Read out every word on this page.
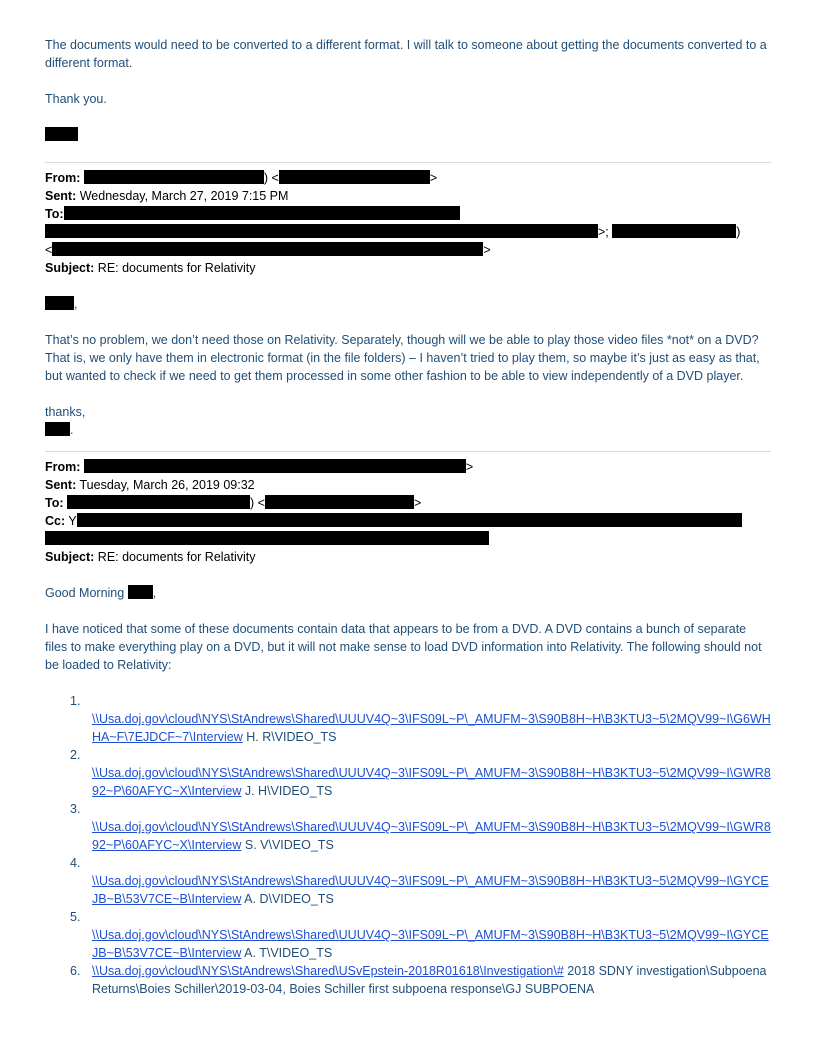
The documents would need to be converted to a different format. I will talk to someone about getting the documents converted to a different format.

Thank you.

From:	) <	>
Sent: Wednesday, March 27, 2019 7:15 PM
To:
>;	)
<	>
Subject: RE: documents for Relativity

,

That’s no problem, we don’t need those on Relativity. Separately, though will we be able to play those video files *not* on a DVD? That is, we only have them in electronic format (in the file folders) – I haven’t tried to play them, so maybe it’s just as easy as that, but wanted to check if we need to get them processed in some other fashion to be able to view independently of a DVD player.

thanks,

.

From:	>
Sent: Tuesday, March 26, 2019 09:32
To:	) <	>
Cc: Y
Subject: RE: documents for Relativity

Good Morning ,

I have noticed that some of these documents contain data that appears to be from a DVD. A DVD contains a bunch of separate files to make everything play on a DVD, but it will not make sense to load DVD information into Relativity. The following should not be loaded to Relativity:

1.

\\Usa.doj.gov\cloud\NYS\StAndrews\Shared\UUUV4Q~3\IFS09L~P\_AMUFM~3\S90B8H~H\B3KTU3~5\2MQV99~I\G6WHHA~F\7EJDCF~7\Interview H. R\VIDEO_TS
2.

\\Usa.doj.gov\cloud\NYS\StAndrews\Shared\UUUV4Q~3\IFS09L~P\_AMUFM~3\S90B8H~H\B3KTU3~5\2MQV99~I\GWR892~P\60AFYC~X\Interview J. H\VIDEO_TS
3.

\\Usa.doj.gov\cloud\NYS\StAndrews\Shared\UUUV4Q~3\IFS09L~P\_AMUFM~3\S90B8H~H\B3KTU3~5\2MQV99~I\GWR892~P\60AFYC~X\Interview S. V\VIDEO_TS
4.

\\Usa.doj.gov\cloud\NYS\StAndrews\Shared\UUUV4Q~3\IFS09L~P\_AMUFM~3\S90B8H~H\B3KTU3~5\2MQV99~I\GYCEJB~B\53V7CE~B\Interview A. D\VIDEO_TS
5.

\\Usa.doj.gov\cloud\NYS\StAndrews\Shared\UUUV4Q~3\IFS09L~P\_AMUFM~3\S90B8H~H\B3KTU3~5\2MQV99~I\GYCEJB~B\53V7CE~B\Interview A. T\VIDEO_TS
6. \\Usa.doj.gov\cloud\NYS\StAndrews\Shared\USvEpstein-2018R01618\Investigation\# 2018 SDNY investigation\Subpoena Returns\Boies Schiller\2019-03-04, Boies Schiller first subpoena response\GJ SUBPOENA
